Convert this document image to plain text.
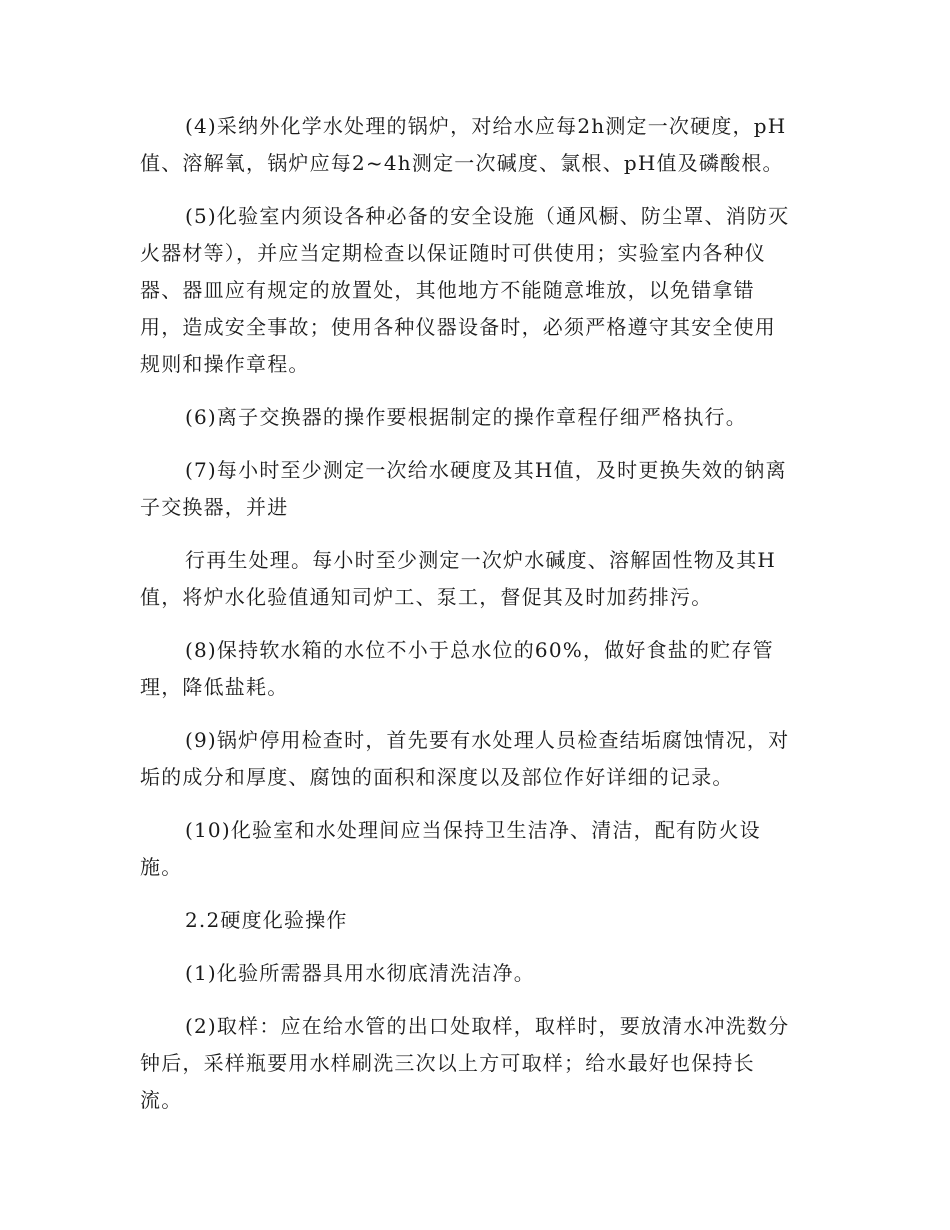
(4)采纳外化学水处理的锅炉，对给水应每2h测定一次硬度，pH

值、溶解氧，锅炉应每2~4h测定一次碱度、氯根、pH值及磷酸根。

(5)化验室内须设各种必备的安全设施（通风橱、防尘罩、消防灭

火器材等），并应当定期检查以保证随时可供使用；实验室内各种仪

器、器皿应有规定的放置处，其他地方不能随意堆放，以免错拿错

用，造成安全事故；使用各种仪器设备时，必须严格遵守其安全使用

规则和操作章程。

(6)离子交换器的操作要根据制定的操作章程仔细严格执行。

(7)每小时至少测定一次给水硬度及其H值，及时更换失效的钠离

子交换器，并进

行再生处理。每小时至少测定一次炉水碱度、溶解固性物及其H

值，将炉水化验值通知司炉工、泵工，督促其及时加药排污。

(8)保持软水箱的水位不小于总水位的60%，做好食盐的贮存管

理，降低盐耗。

(9)锅炉停用检查时，首先要有水处理人员检查结垢腐蚀情况，对

垢的成分和厚度、腐蚀的面积和深度以及部位作好详细的记录。

(10)化验室和水处理间应当保持卫生洁净、清洁，配有防火设

施。

2.2硬度化验操作

(1)化验所需器具用水彻底清洗洁净。

(2)取样：应在给水管的出口处取样，取样时，要放清水冲洗数分

钟后，采样瓶要用水样刷洗三次以上方可取样；给水最好也保持长

流。
